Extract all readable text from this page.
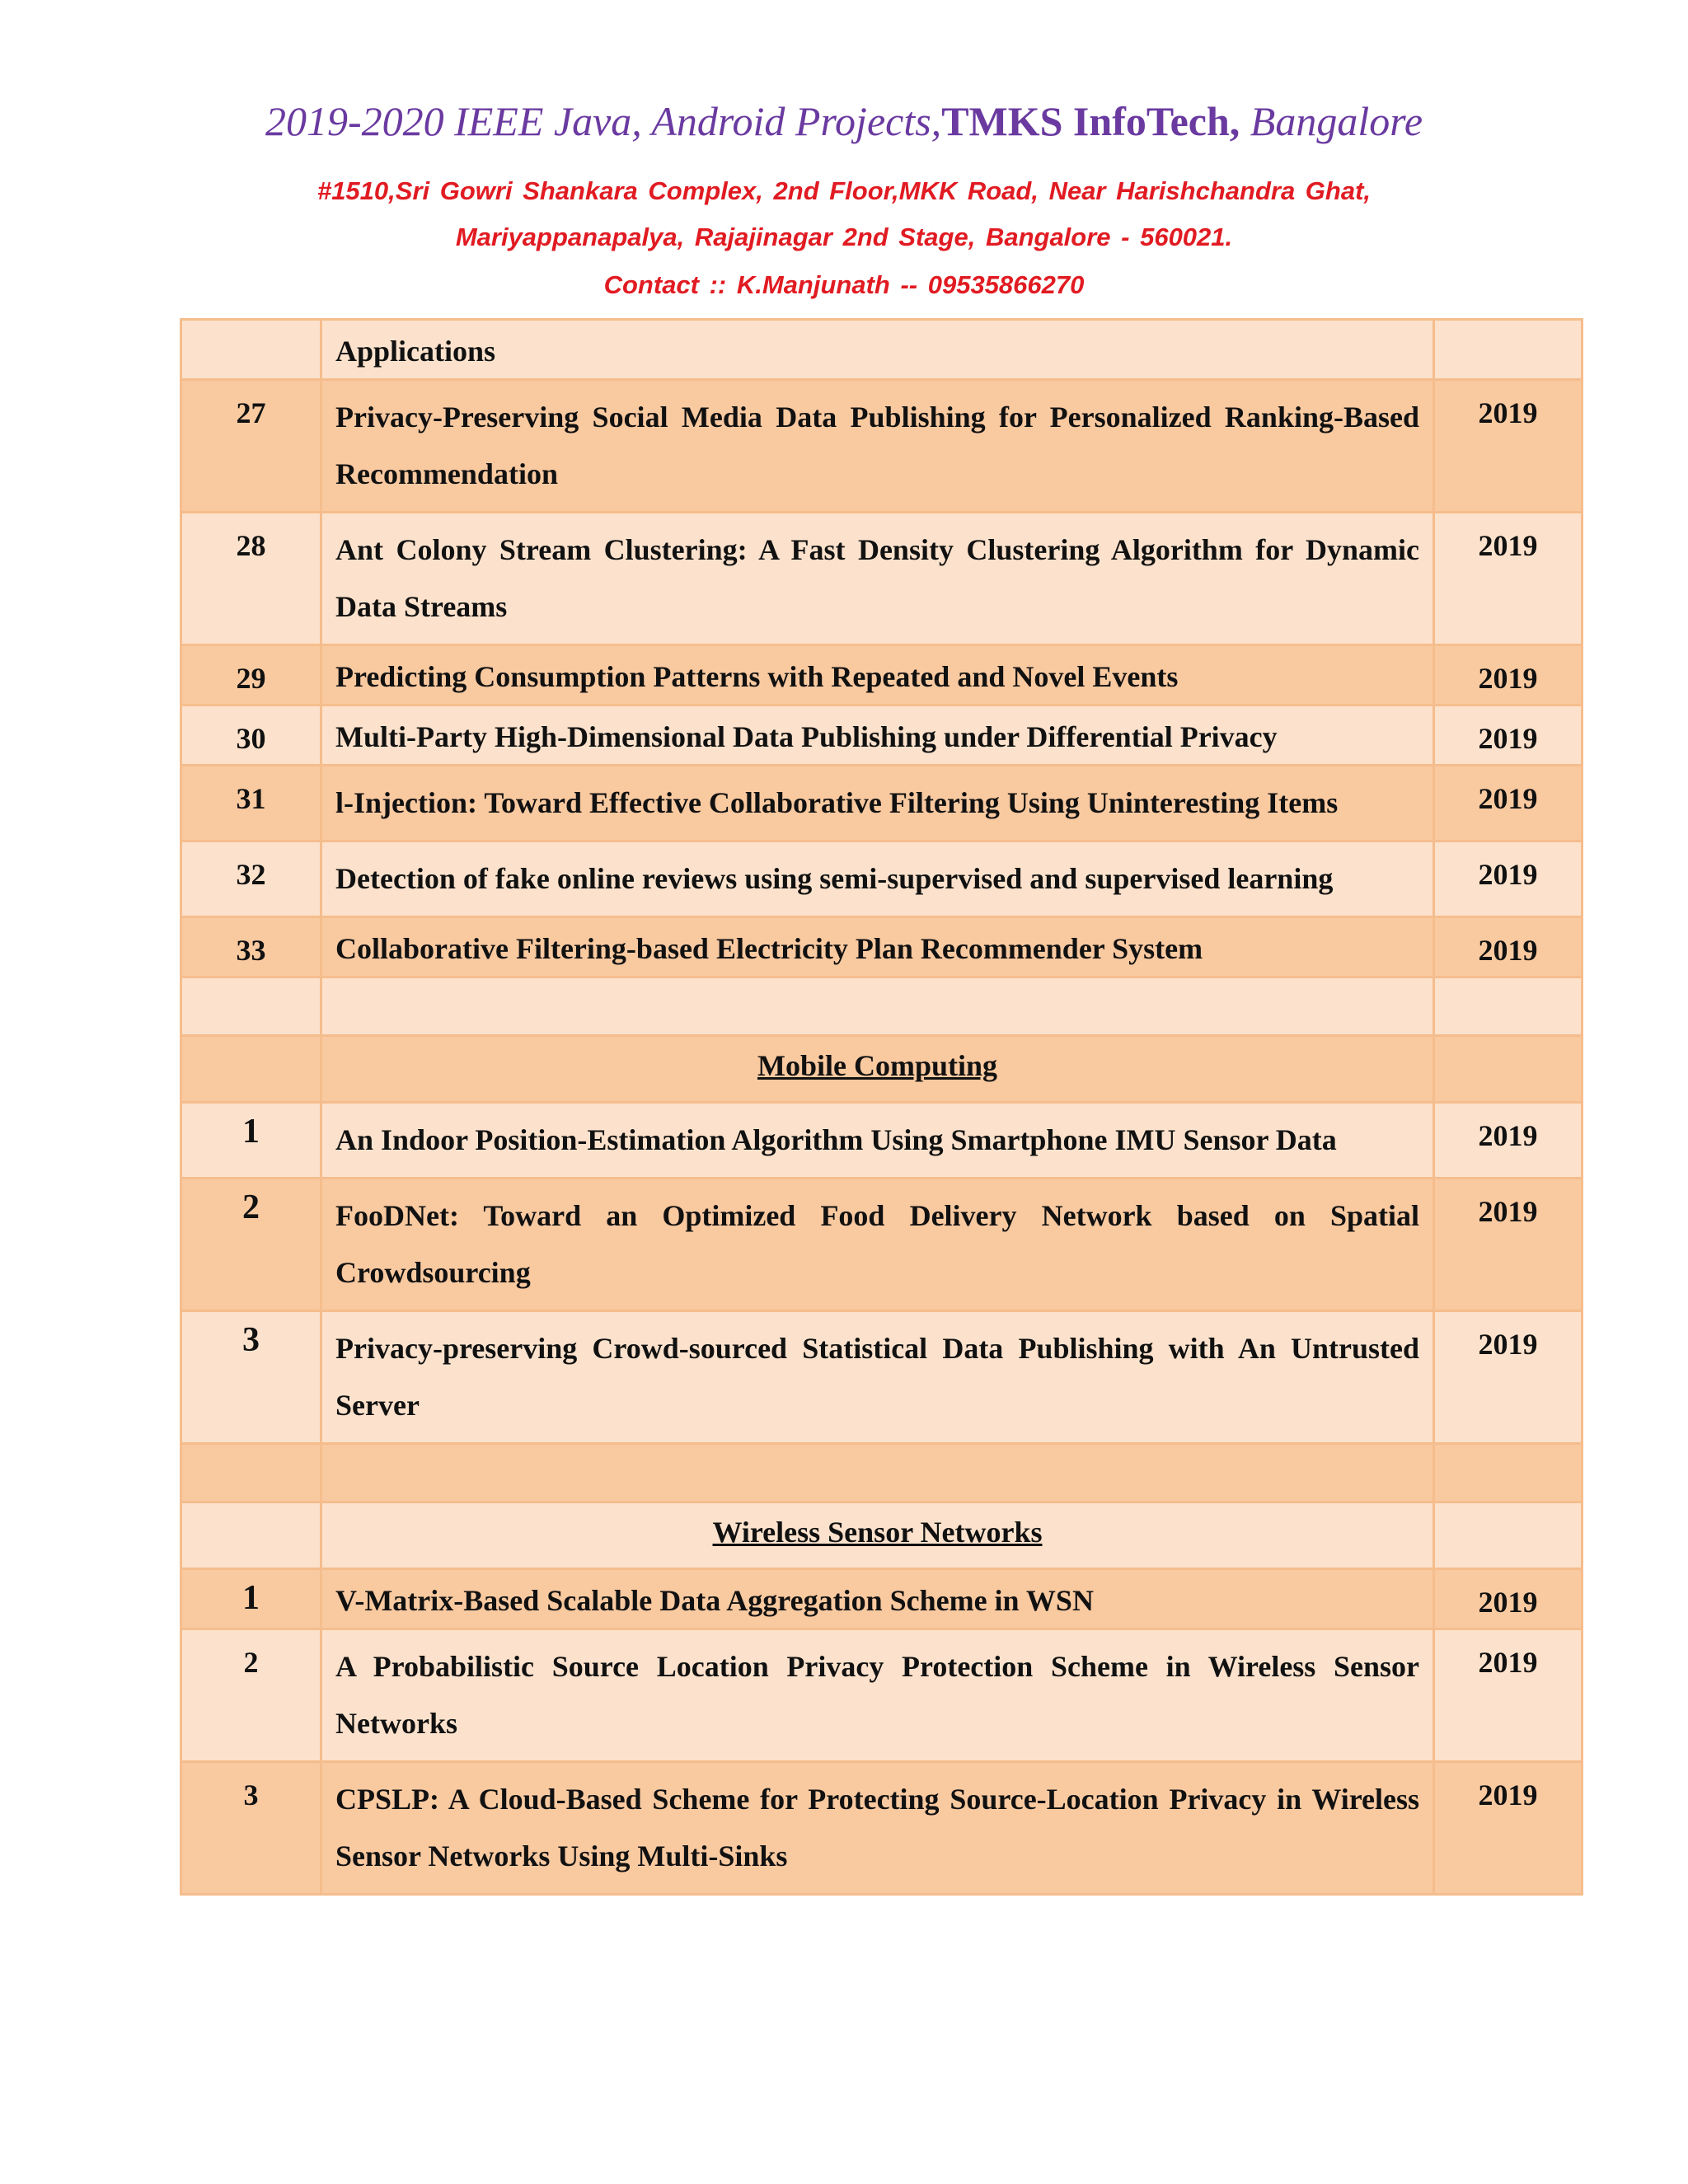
2019-2020 IEEE Java, Android Projects,TMKS InfoTech, Bangalore
#1510,Sri Gowri Shankara Complex, 2nd Floor,MKK Road, Near Harishchandra Ghat,
Mariyappanapalya, Rajajinagar 2nd Stage, Bangalore - 560021.
Contact :: K.Manjunath -- 09535866270
	Applications	
27	Privacy-Preserving Social Media Data Publishing for Personalized Ranking-Based Recommendation	2019
28	Ant Colony Stream Clustering: A Fast Density Clustering Algorithm for Dynamic Data Streams	2019
29	Predicting Consumption Patterns with Repeated and Novel Events	2019
30	Multi-Party High-Dimensional Data Publishing under Differential Privacy	2019
31	l-Injection: Toward Effective Collaborative Filtering Using Uninteresting Items	2019
32	Detection of fake online reviews using semi-supervised and supervised learning	2019
33	Collaborative Filtering-based Electricity Plan Recommender System	2019

	Mobile Computing	
1	An Indoor Position-Estimation Algorithm Using Smartphone IMU Sensor Data	2019
2	FooDNet: Toward an Optimized Food Delivery Network based on Spatial Crowdsourcing	2019
3	Privacy-preserving Crowd-sourced Statistical Data Publishing with An Untrusted Server	2019

	Wireless Sensor Networks	
1	V-Matrix-Based Scalable Data Aggregation Scheme in WSN	2019
2	A Probabilistic Source Location Privacy Protection Scheme in Wireless Sensor Networks	2019
3	CPSLP: A Cloud-Based Scheme for Protecting Source-Location Privacy in Wireless Sensor Networks Using Multi-Sinks	2019
